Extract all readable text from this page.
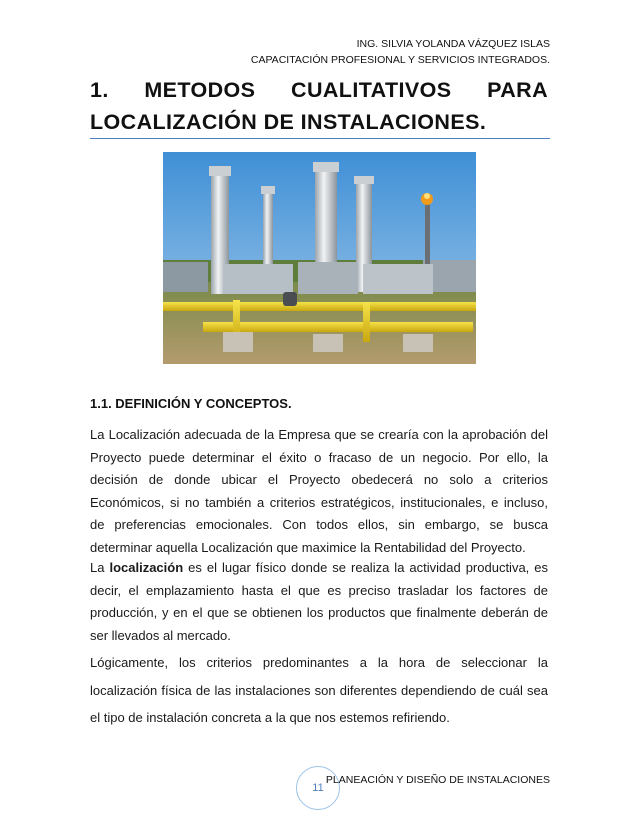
ING. SILVIA YOLANDA VÁZQUEZ ISLAS
CAPACITACIÓN PROFESIONAL Y SERVICIOS INTEGRADOS.
1. METODOS CUALITATIVOS PARA LOCALIZACIÓN DE INSTALACIONES.
1.1. DEFINICIÓN Y CONCEPTOS.

La Localización adecuada de la Empresa que se crearía con la aprobación del Proyecto puede determinar el éxito o fracaso de un negocio. Por ello, la decisión de donde ubicar el Proyecto obedecerá no solo a criterios Económicos, si no también a criterios estratégicos, institucionales, e incluso, de preferencias emocionales. Con todos ellos, sin embargo, se busca determinar aquella Localización que maximice la Rentabilidad del Proyecto.

La localización es el lugar físico donde se realiza la actividad productiva, es decir, el emplazamiento hasta el que es preciso trasladar los factores de producción, y en el que se obtienen los productos que finalmente deberán de ser llevados al mercado.

Lógicamente, los criterios predominantes a la hora de seleccionar la localización física de las instalaciones son diferentes dependiendo de cuál sea el tipo de instalación concreta a la que nos estemos refiriendo.

11
PLANEACIÓN Y DISEÑO DE INSTALACIONES
